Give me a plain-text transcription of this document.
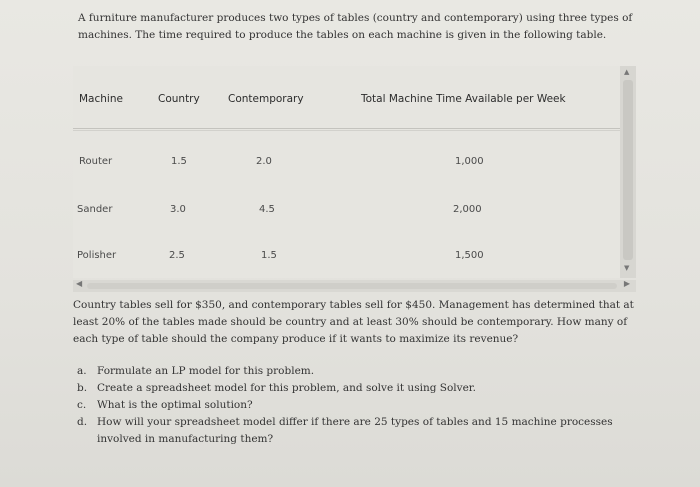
A furniture manufacturer produces two types of tables (country and contemporary) using three types of machines. The time required to produce the tables on each machine is given in the following table.
Machine	Country	Contemporary	Total Machine Time Available per Week
Router	1.5	2.0	1,000
Sander	3.0	4.5	2,000
Polisher	2.5	1.5	1,500
▲
▼
◀	▶
Country tables sell for $350, and contemporary tables sell for $450. Management has determined that at least 20% of the tables made should be country and at least 30% should be contemporary. How many of each type of table should the company produce if it wants to maximize its revenue?
a. Formulate an LP model for this problem.
b. Create a spreadsheet model for this problem, and solve it using Solver.
c. What is the optimal solution?
d. How will your spreadsheet model differ if there are 25 types of tables and 15 machine processes involved in manufacturing them?
